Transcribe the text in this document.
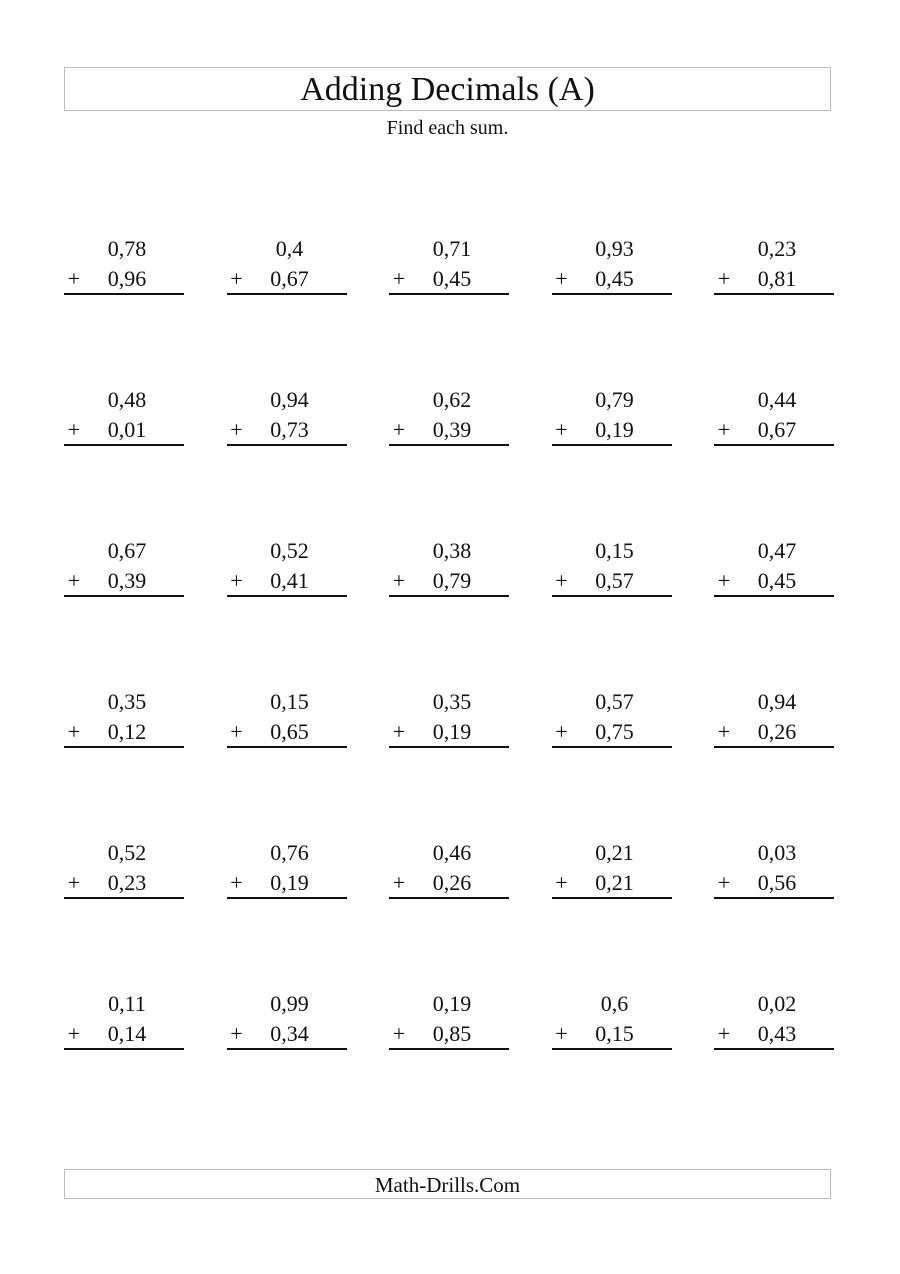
Adding Decimals (A)
Find each sum.
0,78
+	0,96
0,4
+	0,67
0,71
+	0,45
0,93
+	0,45
0,23
+	0,81
0,48
+	0,01
0,94
+	0,73
0,62
+	0,39
0,79
+	0,19
0,44
+	0,67
0,67
+	0,39
0,52
+	0,41
0,38
+	0,79
0,15
+	0,57
0,47
+	0,45
0,35
+	0,12
0,15
+	0,65
0,35
+	0,19
0,57
+	0,75
0,94
+	0,26
0,52
+	0,23
0,76
+	0,19
0,46
+	0,26
0,21
+	0,21
0,03
+	0,56
0,11
+	0,14
0,99
+	0,34
0,19
+	0,85
0,6
+	0,15
0,02
+	0,43
Math-Drills.Com
